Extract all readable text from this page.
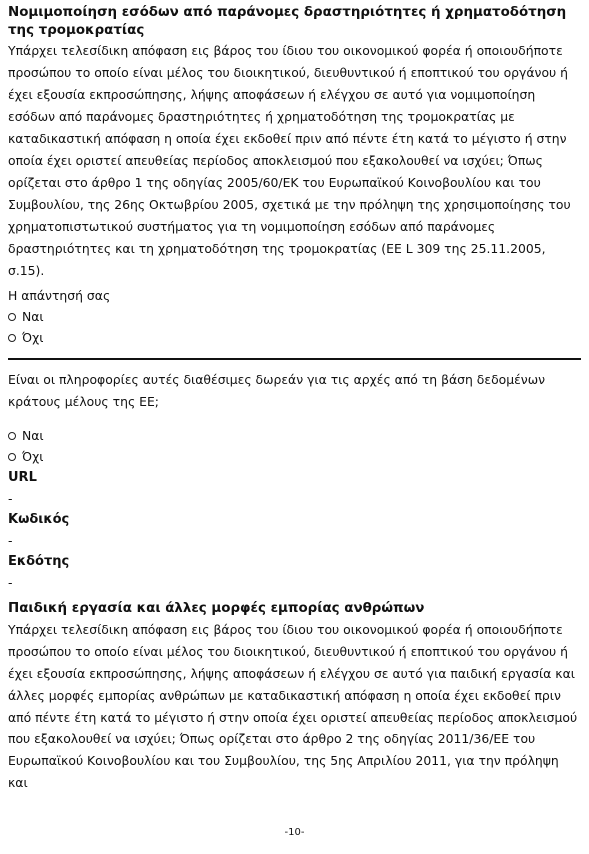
Νομιμοποίηση εσόδων από παράνομες δραστηριότητες ή χρηματοδότηση της τρομοκρατίας

Υπάρχει τελεσίδικη απόφαση εις βάρος του ίδιου του οικονομικού φορέα ή οποιουδήποτε προσώπου το οποίο είναι μέλος του διοικητικού, διευθυντικού ή εποπτικού του οργάνου ή έχει εξουσία εκπροσώπησης, λήψης αποφάσεων ή ελέγχου σε αυτό για νομιμοποίηση εσόδων από παράνομες δραστηριότητες ή χρηματοδότηση της τρομοκρατίας με καταδικαστική απόφαση η οποία έχει εκδοθεί πριν από πέντε έτη κατά το μέγιστο ή στην οποία έχει οριστεί απευθείας περίοδος αποκλεισμού που εξακολουθεί να ισχύει; Όπως ορίζεται στο άρθρο 1 της οδηγίας 2005/60/ΕΚ του Ευρωπαϊκού Κοινοβουλίου και του Συμβουλίου, της 26ης Οκτωβρίου 2005, σχετικά με την πρόληψη της χρησιμοποίησης του χρηματοπιστωτικού συστήματος για τη νομιμοποίηση εσόδων από παράνομες δραστηριότητες και τη χρηματοδότηση της τρομοκρατίας (ΕΕ L 309 της 25.11.2005, σ.15).

Η απάντησή σας
Ναι
Όχι

Είναι οι πληροφορίες αυτές διαθέσιμες δωρεάν για τις αρχές από τη βάση δεδομένων κράτους μέλους της ΕΕ;

Ναι
Όχι
URL
-
Κωδικός
-
Εκδότης
-
Παιδική εργασία και άλλες μορφές εμπορίας ανθρώπων

Υπάρχει τελεσίδικη απόφαση εις βάρος του ίδιου του οικονομικού φορέα ή οποιουδήποτε προσώπου το οποίο είναι μέλος του διοικητικού, διευθυντικού ή εποπτικού του οργάνου ή έχει εξουσία εκπροσώπησης, λήψης αποφάσεων ή ελέγχου σε αυτό για παιδική εργασία και άλλες μορφές εμπορίας ανθρώπων με καταδικαστική απόφαση η οποία έχει εκδοθεί πριν από πέντε έτη κατά το μέγιστο ή στην οποία έχει οριστεί απευθείας περίοδος αποκλεισμού που εξακολουθεί να ισχύει; Όπως ορίζεται στο άρθρο 2 της οδηγίας 2011/36/ΕΕ του Ευρωπαϊκού Κοινοβουλίου και του Συμβουλίου, της 5ης Απριλίου 2011, για την πρόληψη και

-10-
